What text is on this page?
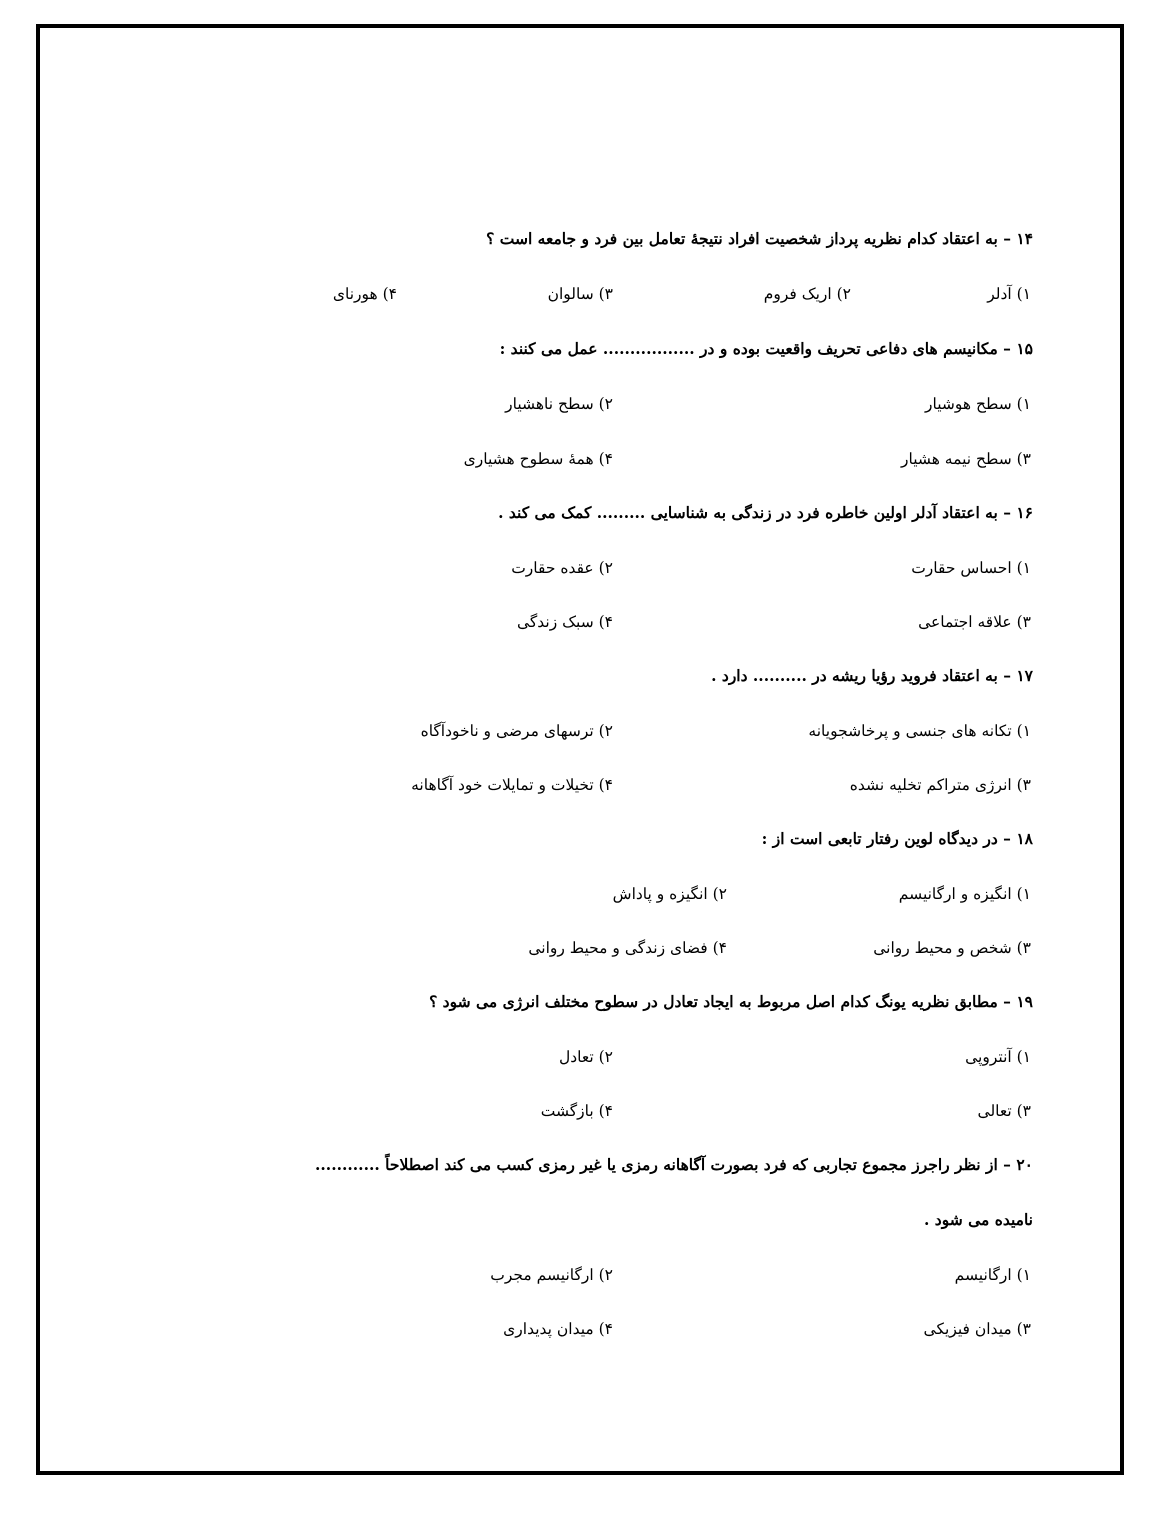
۱۴ – به اعتقاد کدام نظریه پرداز شخصیت افراد نتیجهٔ تعامل بین فرد و جامعه است ؟
۱) آدلر
۲) اریک فروم
۳) سالوان
۴) هورنای
۱۵ – مکانیسم های دفاعی تحریف واقعیت بوده و در ................. عمل می کنند :
۱) سطح هوشیار
۲) سطح ناهشیار
۳) سطح نیمه هشیار
۴) همهٔ سطوح هشیاری
۱۶ – به اعتقاد آدلر اولین خاطره فرد در زندگی به شناسایی ......... کمک می کند .
۱) احساس حقارت
۲) عقده حقارت
۳) علاقه اجتماعی
۴) سبک زندگی
۱۷ – به اعتقاد فروید رؤیا ریشه در .......... دارد .
۱) تکانه های جنسی و پرخاشجویانه
۲) ترسهای مرضی و ناخودآگاه
۳) انرژی متراکم تخلیه نشده
۴) تخیلات و تمایلات خود آگاهانه
۱۸ – در دیدگاه لوین رفتار تابعی است از :
۱) انگیزه و ارگانیسم
۲) انگیزه و پاداش
۳) شخص و محیط روانی
۴) فضای زندگی و محیط روانی
۱۹ – مطابق نظریه یونگ کدام اصل مربوط به ایجاد تعادل در سطوح مختلف انرژی می شود ؟
۱) آنتروپی
۲) تعادل
۳) تعالی
۴) بازگشت
۲۰ – از نظر راجرز مجموع تجاربی که فرد بصورت آگاهانه رمزی یا غیر رمزی کسب می کند اصطلاحاً ............
نامیده می شود .
۱) ارگانیسم
۲) ارگانیسم مجرب
۳) میدان فیزیکی
۴) میدان پدیداری
